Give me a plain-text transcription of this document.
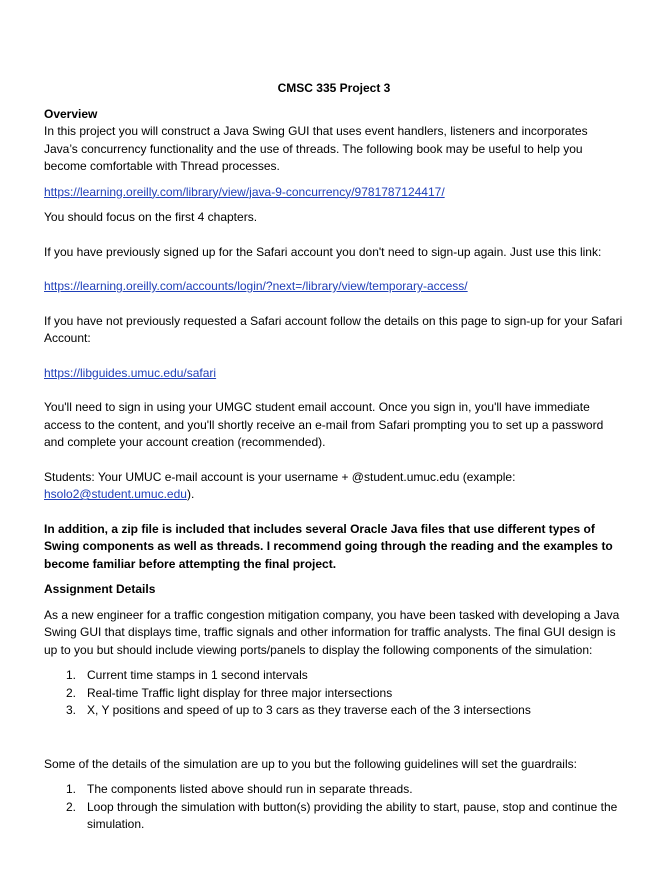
CMSC 335 Project 3
Overview

In this project you will construct a Java Swing GUI that uses event handlers, listeners and incorporates Java’s concurrency functionality and the use of threads. The following book may be useful to help you become comfortable with Thread processes.

https://learning.oreilly.com/library/view/java-9-concurrency/9781787124417/

You should focus on the first 4 chapters.

If you have previously signed up for the Safari account you don't need to sign-up again. Just use this link:

https://learning.oreilly.com/accounts/login/?next=/library/view/temporary-access/

If you have not previously requested a Safari account follow the details on this page to sign-up for your Safari Account:

https://libguides.umuc.edu/safari

You'll need to sign in using your UMGC student email account. Once you sign in, you'll have immediate access to the content, and you'll shortly receive an e-mail from Safari prompting you to set up a password and complete your account creation (recommended).

Students: Your UMUC e-mail account is your username + @student.umuc.edu (example: hsolo2@student.umuc.edu).

In addition, a zip file is included that includes several Oracle Java files that use different types of Swing components as well as threads. I recommend going through the reading and the examples to become familiar before attempting the final project.

Assignment Details

As a new engineer for a traffic congestion mitigation company, you have been tasked with developing a Java Swing GUI that displays time, traffic signals and other information for traffic analysts. The final GUI design is up to you but should include viewing ports/panels to display the following components of the simulation:

1. Current time stamps in 1 second intervals
2. Real-time Traffic light display for three major intersections
3. X, Y positions and speed of up to 3 cars as they traverse each of the 3 intersections

Some of the details of the simulation are up to you but the following guidelines will set the guardrails:

1. The components listed above should run in separate threads.
2. Loop through the simulation with button(s) providing the ability to start, pause, stop and continue the simulation.
